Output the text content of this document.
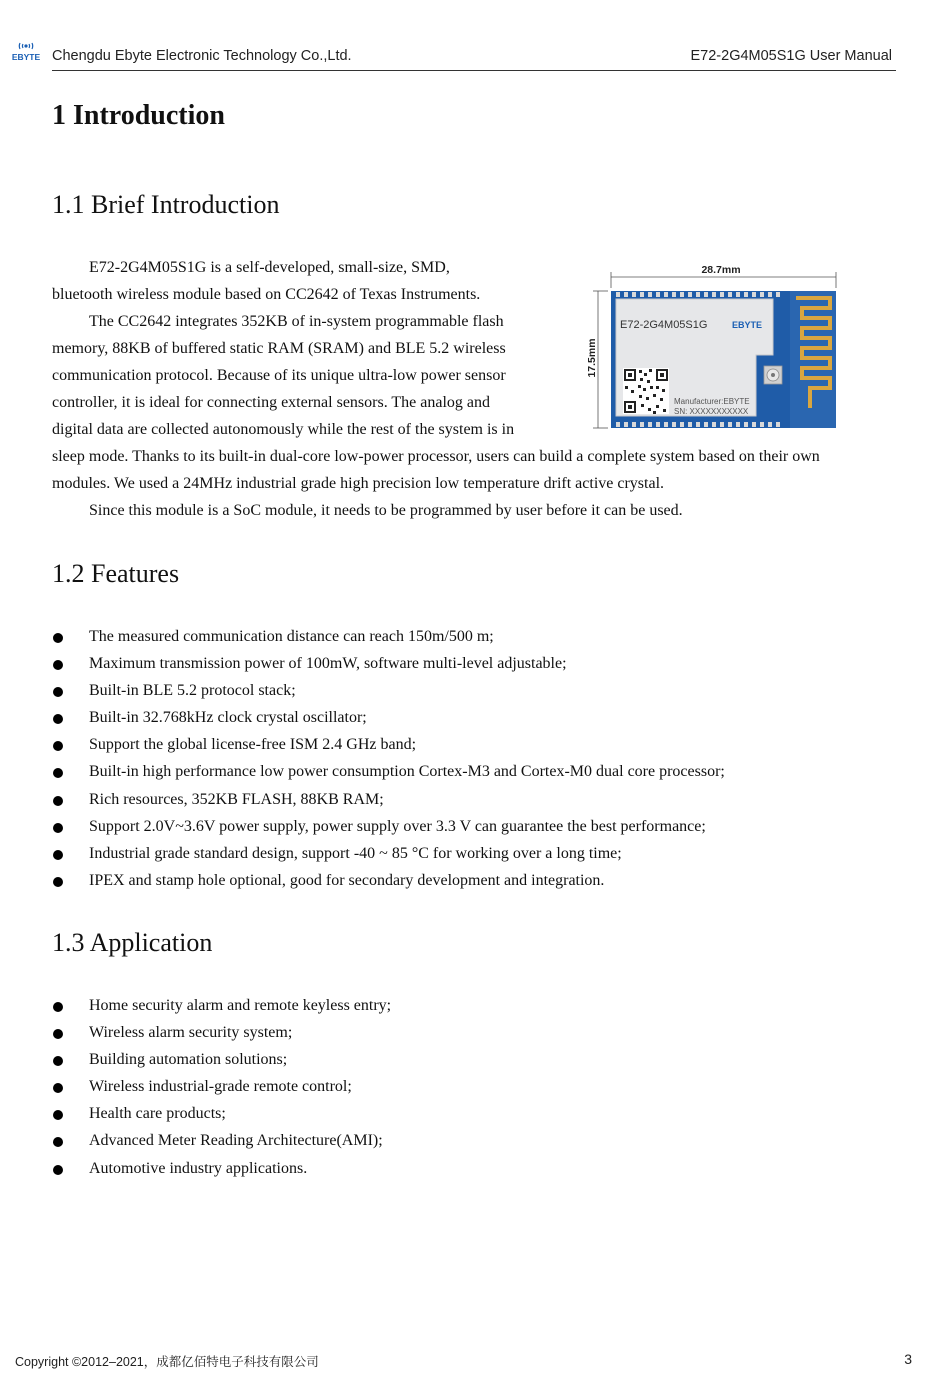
EBYTE Chengdu Ebyte Electronic Technology Co.,Ltd.	E72-2G4M05S1G User Manual
1 Introduction
1.1 Brief Introduction
E72-2G4M05S1G is a self-developed, small-size, SMD,
bluetooth wireless module based on CC2642 of Texas Instruments.
The CC2642 integrates 352KB of in-system programmable flash
memory, 88KB of buffered static RAM (SRAM) and BLE 5.2 wireless
communication protocol. Because of its unique ultra-low power sensor
controller, it is ideal for connecting external sensors. The analog and
digital data are collected autonomously while the rest of the system is in
sleep mode. Thanks to its built-in dual-core low-power processor, users can build a complete system based on their own
modules. We used a 24MHz industrial grade high precision low temperature drift active crystal.
Since this module is a SoC module, it needs to be programmed by user before it can be used.
28.7mm
17.5mm
E72-2G4M05S1G	EBYTE
Manufacturer:EBYTE
SN: XXXXXXXXXXX
1.2 Features
The measured communication distance can reach 150m/500 m;
Maximum transmission power of 100mW, software multi-level adjustable;
Built-in BLE 5.2 protocol stack;
Built-in 32.768kHz clock crystal oscillator;
Support the global license-free ISM 2.4 GHz band;
Built-in high performance low power consumption Cortex-M3 and Cortex-M0 dual core processor;
Rich resources, 352KB FLASH, 88KB RAM;
Support 2.0V~3.6V power supply, power supply over 3.3 V can guarantee the best performance;
Industrial grade standard design, support -40 ~ 85 °C for working over a long time;
IPEX and stamp hole optional, good for secondary development and integration.
1.3 Application
Home security alarm and remote keyless entry;
Wireless alarm security system;
Building automation solutions;
Wireless industrial-grade remote control;
Health care products;
Advanced Meter Reading Architecture(AMI);
Automotive industry applications.
Copyright ©2012–2021，成都亿佰特电子科技有限公司	3
